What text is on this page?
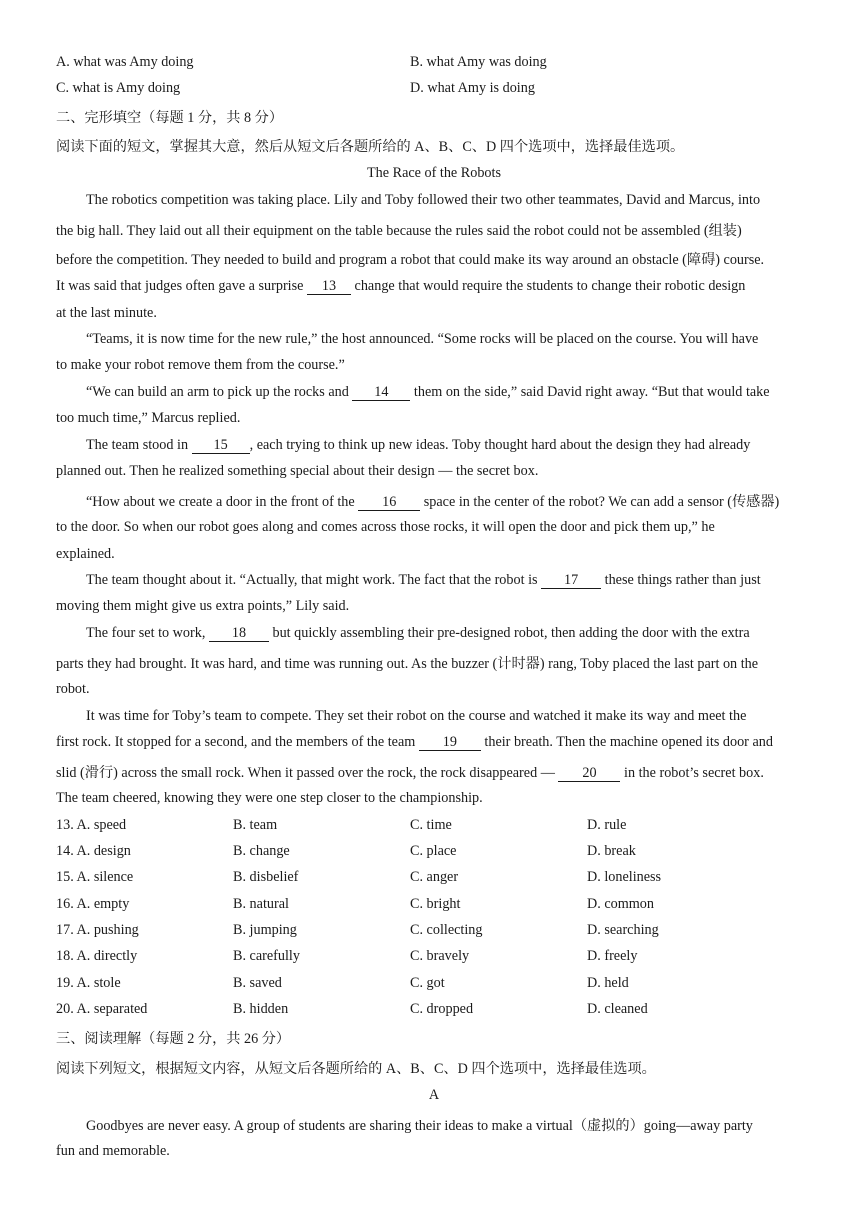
A. what was Amy doing	B. what Amy was doing
C. what is Amy doing	D. what Amy is doing
二、完形填空（每题 1 分，共 8 分）
阅读下面的短文，掌握其大意，然后从短文后各题所给的 A、B、C、D 四个选项中，选择最佳选项。
The Race of the Robots
The robotics competition was taking place. Lily and Toby followed their two other teammates, David and Marcus, into
the big hall. They laid out all their equipment on the table because the rules said the robot could not be assembled (组装)
before the competition. They needed to build and program a robot that could make its way around an obstacle (障碍) course.
It was said that judges often gave a surprise 13 change that would require the students to change their robotic design
at the last minute.
“Teams, it is now time for the new rule,” the host announced. “Some rocks will be placed on the course. You will have
to make your robot remove them from the course.”
“We can build an arm to pick up the rocks and 14 them on the side,” said David right away. “But that would take
too much time,” Marcus replied.
The team stood in 15 , each trying to think up new ideas. Toby thought hard about the design they had already
planned out. Then he realized something special about their design — the secret box.
“How about we create a door in the front of the 16 space in the center of the robot? We can add a sensor (传感器)
to the door. So when our robot goes along and comes across those rocks, it will open the door and pick them up,” he
explained.
The team thought about it. “Actually, that might work. The fact that the robot is 17 these things rather than just
moving them might give us extra points,” Lily said.
The four set to work, 18 but quickly assembling their pre-designed robot, then adding the door with the extra
parts they had brought. It was hard, and time was running out. As the buzzer (计时器) rang, Toby placed the last part on the
robot.
It was time for Toby’s team to compete. They set their robot on the course and watched it make its way and meet the
first rock. It stopped for a second, and the members of the team 19 their breath. Then the machine opened its door and
slid (滑行) across the small rock. When it passed over the rock, the rock disappeared — 20 in the robot’s secret box.
The team cheered, knowing they were one step closer to the championship.
13. A. speed	B. team	C. time	D. rule
14. A. design	B. change	C. place	D. break
15. A. silence	B. disbelief	C. anger	D. loneliness
16. A. empty	B. natural	C. bright	D. common
17. A. pushing	B. jumping	C. collecting	D. searching
18. A. directly	B. carefully	C. bravely	D. freely
19. A. stole	B. saved	C. got	D. held
20. A. separated	B. hidden	C. dropped	D. cleaned
三、阅读理解（每题 2 分，共 26 分）
阅读下列短文，根据短文内容，从短文后各题所给的 A、B、C、D 四个选项中，选择最佳选项。
A
Goodbyes are never easy. A group of students are sharing their ideas to make a virtual（虚拟的）going—away party
fun and memorable.
